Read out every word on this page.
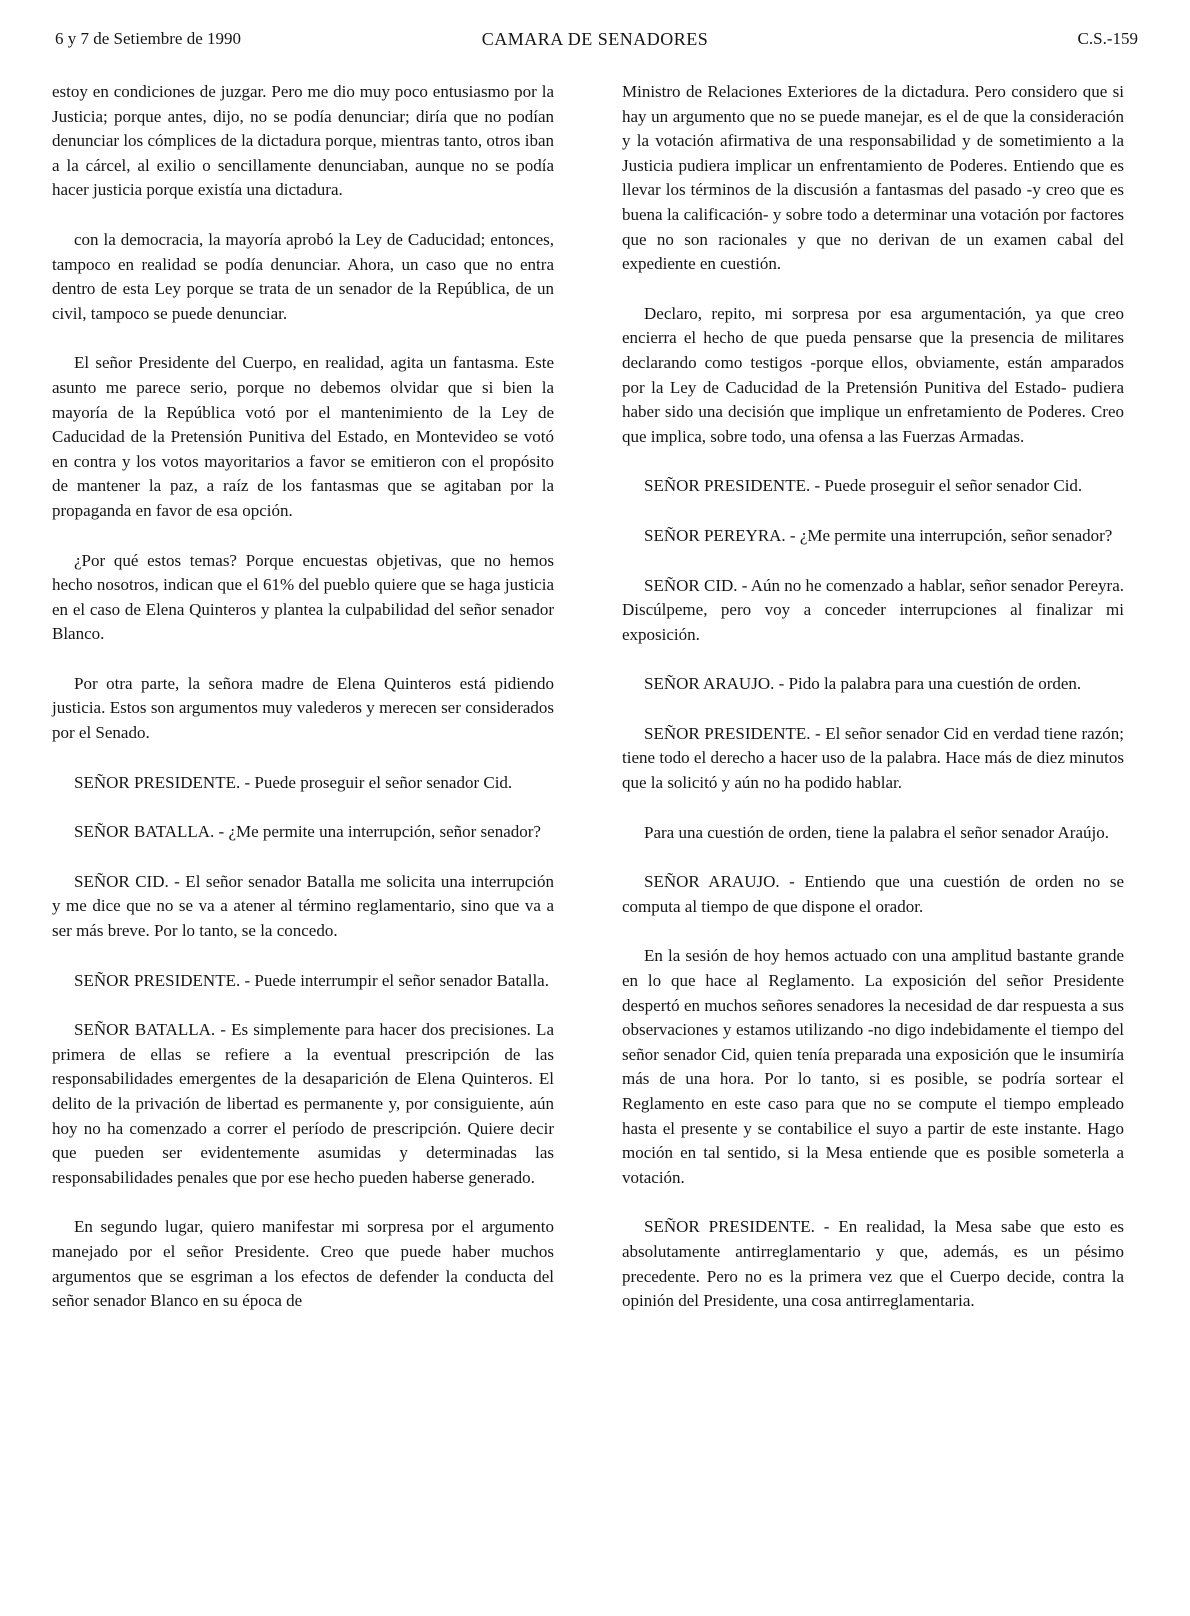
6 y 7 de Setiembre de 1990	CAMARA DE SENADORES	C.S.-159

estoy en condiciones de juzgar. Pero me dio muy poco entusiasmo por la Justicia; porque antes, dijo, no se podía denunciar; diría que no podían denunciar los cómplices de la dictadura porque, mientras tanto, otros iban a la cárcel, al exilio o sencillamente denunciaban, aunque no se podía hacer justicia porque existía una dictadura.

con la democracia, la mayoría aprobó la Ley de Caducidad; entonces, tampoco en realidad se podía denunciar. Ahora, un caso que no entra dentro de esta Ley porque se trata de un senador de la República, de un civil, tampoco se puede denunciar.

El señor Presidente del Cuerpo, en realidad, agita un fantasma. Este asunto me parece serio, porque no debemos olvidar que si bien la mayoría de la República votó por el mantenimiento de la Ley de Caducidad de la Pretensión Punitiva del Estado, en Montevideo se votó en contra y los votos mayoritarios a favor se emitieron con el propósito de mantener la paz, a raíz de los fantasmas que se agitaban por la propaganda en favor de esa opción.

¿Por qué estos temas? Porque encuestas objetivas, que no hemos hecho nosotros, indican que el 61% del pueblo quiere que se haga justicia en el caso de Elena Quinteros y plantea la culpabilidad del señor senador Blanco.

Por otra parte, la señora madre de Elena Quinteros está pidiendo justicia. Estos son argumentos muy valederos y merecen ser considerados por el Senado.

SEÑOR PRESIDENTE. - Puede proseguir el señor senador Cid.

SEÑOR BATALLA. - ¿Me permite una interrupción, señor senador?

SEÑOR CID. - El señor senador Batalla me solicita una interrupción y me dice que no se va a atener al término reglamentario, sino que va a ser más breve. Por lo tanto, se la concedo.

SEÑOR PRESIDENTE. - Puede interrumpir el señor senador Batalla.

SEÑOR BATALLA. - Es simplemente para hacer dos precisiones. La primera de ellas se refiere a la eventual prescripción de las responsabilidades emergentes de la desaparición de Elena Quinteros. El delito de la privación de libertad es permanente y, por consiguiente, aún hoy no ha comenzado a correr el período de prescripción. Quiere decir que pueden ser evidentemente asumidas y determinadas las responsabilidades penales que por ese hecho pueden haberse generado.

En segundo lugar, quiero manifestar mi sorpresa por el argumento manejado por el señor Presidente. Creo que puede haber muchos argumentos que se esgriman a los efectos de defender la conducta del señor senador Blanco en su época de

Ministro de Relaciones Exteriores de la dictadura. Pero considero que si hay un argumento que no se puede manejar, es el de que la consideración y la votación afirmativa de una responsabilidad y de sometimiento a la Justicia pudiera implicar un enfrentamiento de Poderes. Entiendo que es llevar los términos de la discusión a fantasmas del pasado -y creo que es buena la calificación- y sobre todo a determinar una votación por factores que no son racionales y que no derivan de un examen cabal del expediente en cuestión.

Declaro, repito, mi sorpresa por esa argumentación, ya que creo encierra el hecho de que pueda pensarse que la presencia de militares declarando como testigos -porque ellos, obviamente, están amparados por la Ley de Caducidad de la Pretensión Punitiva del Estado- pudiera haber sido una decisión que implique un enfretamiento de Poderes. Creo que implica, sobre todo, una ofensa a las Fuerzas Armadas.

SEÑOR PRESIDENTE. - Puede proseguir el señor senador Cid.

SEÑOR PEREYRA. - ¿Me permite una interrupción, señor senador?

SEÑOR CID. - Aún no he comenzado a hablar, señor senador Pereyra. Discúlpeme, pero voy a conceder interrupciones al finalizar mi exposición.

SEÑOR ARAUJO. - Pido la palabra para una cuestión de orden.

SEÑOR PRESIDENTE. - El señor senador Cid en verdad tiene razón; tiene todo el derecho a hacer uso de la palabra. Hace más de diez minutos que la solicitó y aún no ha podido hablar.

Para una cuestión de orden, tiene la palabra el señor senador Araújo.

SEÑOR ARAUJO. - Entiendo que una cuestión de orden no se computa al tiempo de que dispone el orador.

En la sesión de hoy hemos actuado con una amplitud bastante grande en lo que hace al Reglamento. La exposición del señor Presidente despertó en muchos señores senadores la necesidad de dar respuesta a sus observaciones y estamos utilizando -no digo indebidamente el tiempo del señor senador Cid, quien tenía preparada una exposición que le insumiría más de una hora. Por lo tanto, si es posible, se podría sortear el Reglamento en este caso para que no se compute el tiempo empleado hasta el presente y se contabilice el suyo a partir de este instante. Hago moción en tal sentido, si la Mesa entiende que es posible someterla a votación.

SEÑOR PRESIDENTE. - En realidad, la Mesa sabe que esto es absolutamente antirreglamentario y que, además, es un pésimo precedente. Pero no es la primera vez que el Cuerpo decide, contra la opinión del Presidente, una cosa antirreglamentaria.
